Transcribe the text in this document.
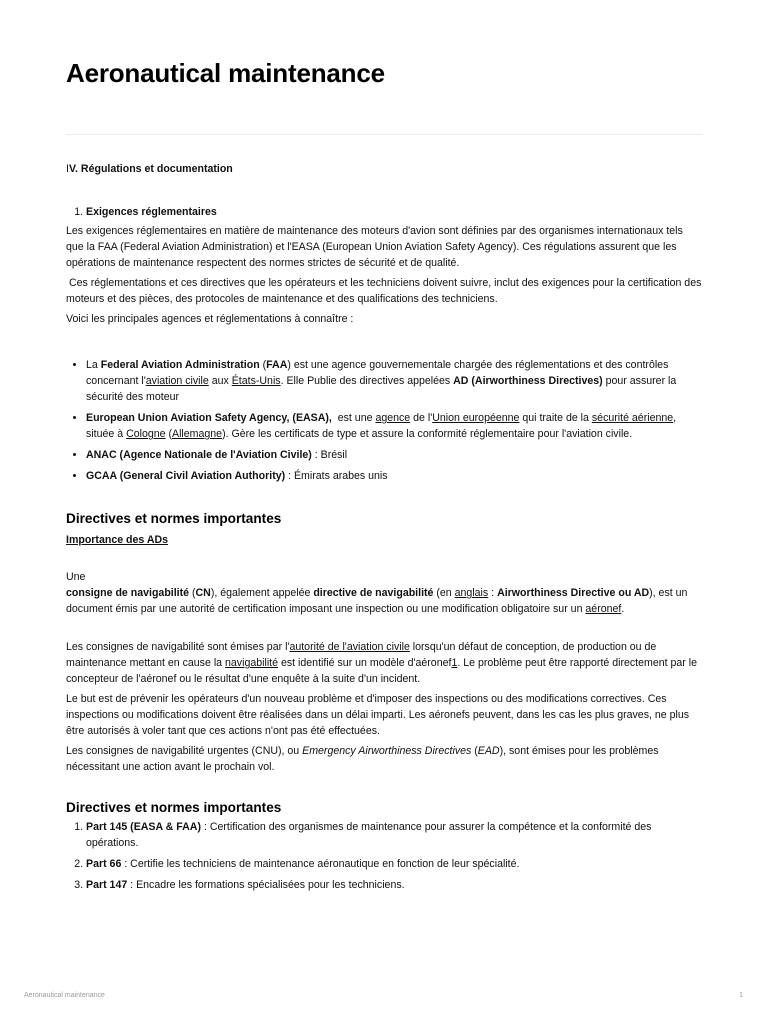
Aeronautical maintenance

IV. Régulations et documentation

1. Exigences réglementaires

Les exigences réglementaires en matière de maintenance des moteurs d'avion sont définies par des organismes internationaux tels que la FAA (Federal Aviation Administration) et l'EASA (European Union Aviation Safety Agency). Ces régulations assurent que les opérations de maintenance respectent des normes strictes de sécurité et de qualité.

Ces réglementations et ces directives que les opérateurs et les techniciens doivent suivre, inclut des exigences pour la certification des moteurs et des pièces, des protocoles de maintenance et des qualifications des techniciens.

Voici les principales agences et réglementations à connaître :

• La Federal Aviation Administration (FAA) est une agence gouvernementale chargée des réglementations et des contrôles concernant l'aviation civile aux États-Unis. Elle Publie des directives appelées AD (Airworthiness Directives) pour assurer la sécurité des moteur
• European Union Aviation Safety Agency, (EASA),  est une agence de l'Union européenne qui traite de la sécurité aérienne, située à Cologne (Allemagne). Gère les certificats de type et assure la conformité réglementaire pour l'aviation civile.
• ANAC (Agence Nationale de l'Aviation Civile) : Brésil
• GCAA (General Civil Aviation Authority) : Émirats arabes unis
Directives et normes importantes

Importance des ADs

Une

consigne de navigabilité (CN), également appelée directive de navigabilité (en anglais : Airworthiness Directive ou AD), est un document émis par une autorité de certification imposant une inspection ou une modification obligatoire sur un aéronef.

Les consignes de navigabilité sont émises par l'autorité de l'aviation civile lorsqu'un défaut de conception, de production ou de maintenance mettant en cause la navigabilité est identifié sur un modèle d'aéronef1. Le problème peut être rapporté directement par le concepteur de l'aéronef ou le résultat d'une enquête à la suite d'un incident.

Le but est de prévenir les opérateurs d'un nouveau problème et d'imposer des inspections ou des modifications correctives. Ces inspections ou modifications doivent être réalisées dans un délai imparti. Les aéronefs peuvent, dans les cas les plus graves, ne plus être autorisés à voler tant que ces actions n'ont pas été effectuées.

Les consignes de navigabilité urgentes (CNU), ou Emergency Airworthiness Directives (EAD), sont émises pour les problèmes nécessitant une action avant le prochain vol.

Directives et normes importantes
1. Part 145 (EASA & FAA) : Certification des organismes de maintenance pour assurer la compétence et la conformité des opérations.
2. Part 66 : Certifie les techniciens de maintenance aéronautique en fonction de leur spécialité.
3. Part 147 : Encadre les formations spécialisées pour les techniciens.
Aeronautical maintenance	1
